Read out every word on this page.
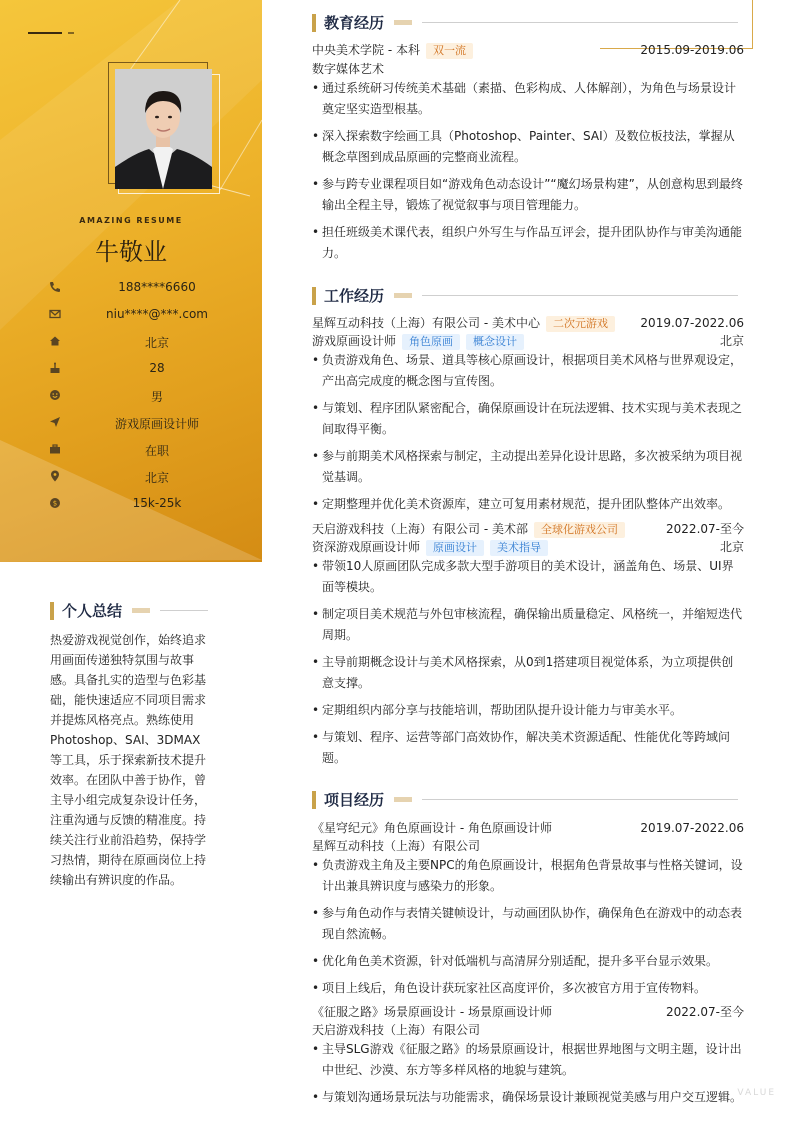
AMAZING RESUME
牛敬业
188****6660
niu****@***.com
北京
28
男
游戏原画设计师
在职
北京
$	15k-25k
个人总结
热爱游戏视觉创作，始终追求用画面传递独特氛围与故事感。具备扎实的造型与色彩基础，能快速适应不同项目需求并提炼风格亮点。熟练使用Photoshop、SAI、3DMAX等工具，乐于探索新技术提升效率。在团队中善于协作，曾主导小组完成复杂设计任务，注重沟通与反馈的精准度。持续关注行业前沿趋势，保持学习热情，期待在原画岗位上持续输出有辨识度的作品。
教育经历
中央美术学院 - 本科 双一流	2015.09-2019.06
数字媒体艺术
• 通过系统研习传统美术基础（素描、色彩构成、人体解剖），为角色与场景设计奠定坚实造型根基。
• 深入探索数字绘画工具（Photoshop、Painter、SAI）及数位板技法，掌握从概念草图到成品原画的完整商业流程。
• 参与跨专业课程项目如“游戏角色动态设计”“魔幻场景构建”，从创意构思到最终输出全程主导，锻炼了视觉叙事与项目管理能力。
• 担任班级美术课代表，组织户外写生与作品互评会，提升团队协作与审美沟通能力。
工作经历
星辉互动科技（上海）有限公司 - 美术中心 二次元游戏	2019.07-2022.06
游戏原画设计师 角色原画 概念设计	北京
• 负责游戏角色、场景、道具等核心原画设计，根据项目美术风格与世界观设定，产出高完成度的概念图与宣传图。
• 与策划、程序团队紧密配合，确保原画设计在玩法逻辑、技术实现与美术表现之间取得平衡。
• 参与前期美术风格探索与制定，主动提出差异化设计思路，多次被采纳为项目视觉基调。
• 定期整理并优化美术资源库，建立可复用素材规范，提升团队整体产出效率。
天启游戏科技（上海）有限公司 - 美术部 全球化游戏公司	2022.07-至今
资深游戏原画设计师 原画设计 美术指导	北京
• 带领10人原画团队完成多款大型手游项目的美术设计，涵盖角色、场景、UI界面等模块。
• 制定项目美术规范与外包审核流程，确保输出质量稳定、风格统一，并缩短迭代周期。
• 主导前期概念设计与美术风格探索，从0到1搭建项目视觉体系，为立项提供创意支撑。
• 定期组织内部分享与技能培训，帮助团队提升设计能力与审美水平。
• 与策划、程序、运营等部门高效协作，解决美术资源适配、性能优化等跨域问题。
项目经历
《星穹纪元》角色原画设计 - 角色原画设计师	2019.07-2022.06
星辉互动科技（上海）有限公司
• 负责游戏主角及主要NPC的角色原画设计，根据角色背景故事与性格关键词，设计出兼具辨识度与感染力的形象。
• 参与角色动作与表情关键帧设计，与动画团队协作，确保角色在游戏中的动态表现自然流畅。
• 优化角色美术资源，针对低端机与高清屏分别适配，提升多平台显示效果。
• 项目上线后，角色设计获玩家社区高度评价，多次被官方用于宣传物料。
《征服之路》场景原画设计 - 场景原画设计师	2022.07-至今
天启游戏科技（上海）有限公司
• 主导SLG游戏《征服之路》的场景原画设计，根据世界地图与文明主题，设计出中世纪、沙漠、东方等多样风格的地貌与建筑。
• 与策划沟通场景玩法与功能需求，确保场景设计兼顾视觉美感与用户交互逻辑。
VALUE
